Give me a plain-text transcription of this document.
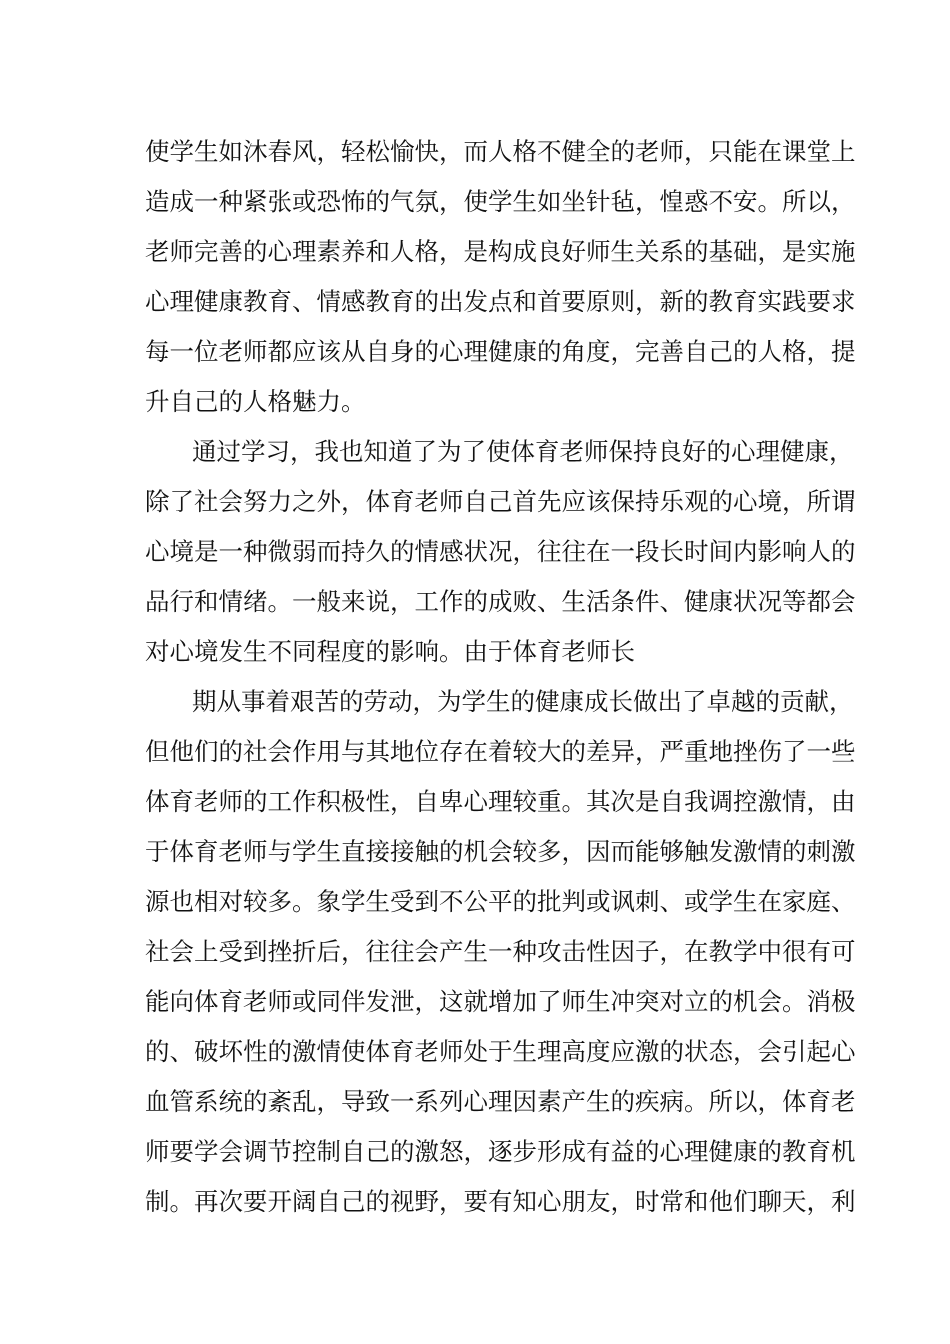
使学生如沐春风，轻松愉快，而人格不健全的老师，只能在课堂上
造成一种紧张或恐怖的气氛，使学生如坐针毡，惶惑不安。所以，
老师完善的心理素养和人格，是构成良好师生关系的基础，是实施
心理健康教育、情感教育的出发点和首要原则，新的教育实践要求
每一位老师都应该从自身的心理健康的角度，完善自己的人格，提
升自己的人格魅力。
通过学习，我也知道了为了使体育老师保持良好的心理健康，
除了社会努力之外，体育老师自己首先应该保持乐观的心境，所谓
心境是一种微弱而持久的情感状况，往往在一段长时间内影响人的
品行和情绪。一般来说，工作的成败、生活条件、健康状况等都会
对心境发生不同程度的影响。由于体育老师长
期从事着艰苦的劳动，为学生的健康成长做出了卓越的贡献，
但他们的社会作用与其地位存在着较大的差异，严重地挫伤了一些
体育老师的工作积极性，自卑心理较重。其次是自我调控激情，由
于体育老师与学生直接接触的机会较多，因而能够触发激情的刺激
源也相对较多。象学生受到不公平的批判或讽刺、或学生在家庭、
社会上受到挫折后，往往会产生一种攻击性因子，在教学中很有可
能向体育老师或同伴发泄，这就增加了师生冲突对立的机会。消极
的、破坏性的激情使体育老师处于生理高度应激的状态，会引起心
血管系统的紊乱，导致一系列心理因素产生的疾病。所以，体育老
师要学会调节控制自己的激怒，逐步形成有益的心理健康的教育机
制。再次要开阔自己的视野，要有知心朋友，时常和他们聊天，利
